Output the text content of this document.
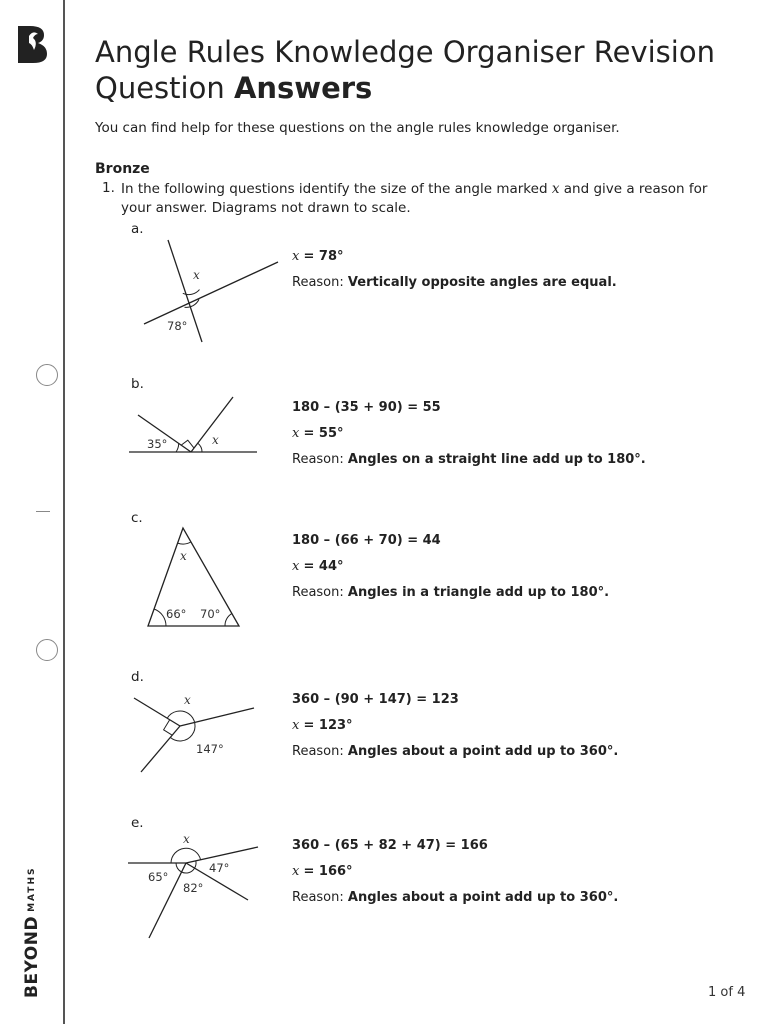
BEYONDMATHS
Angle Rules Knowledge Organiser Revision Question Answers
You can find help for these questions on the angle rules knowledge organiser.
Bronze
1. In the following questions identify the size of the angle marked x and give a reason for your answer. Diagrams not drawn to scale.
a.
x
78°
x = 78°
Reason: Vertically opposite angles are equal.
b.
35°	x
180 – (35 + 90) = 55
x = 55°
Reason: Angles on a straight line add up to 180°.
c.
x
66° 70°
180 – (66 + 70) = 44
x = 44°
Reason: Angles in a triangle add up to 180°.
d.
x
147°
360 – (90 + 147) = 123
x = 123°
Reason: Angles about a point add up to 360°.
e.
x
65°
47°
82°
360 – (65 + 82 + 47) = 166
x = 166°
Reason: Angles about a point add up to 360°.
1 of 4
